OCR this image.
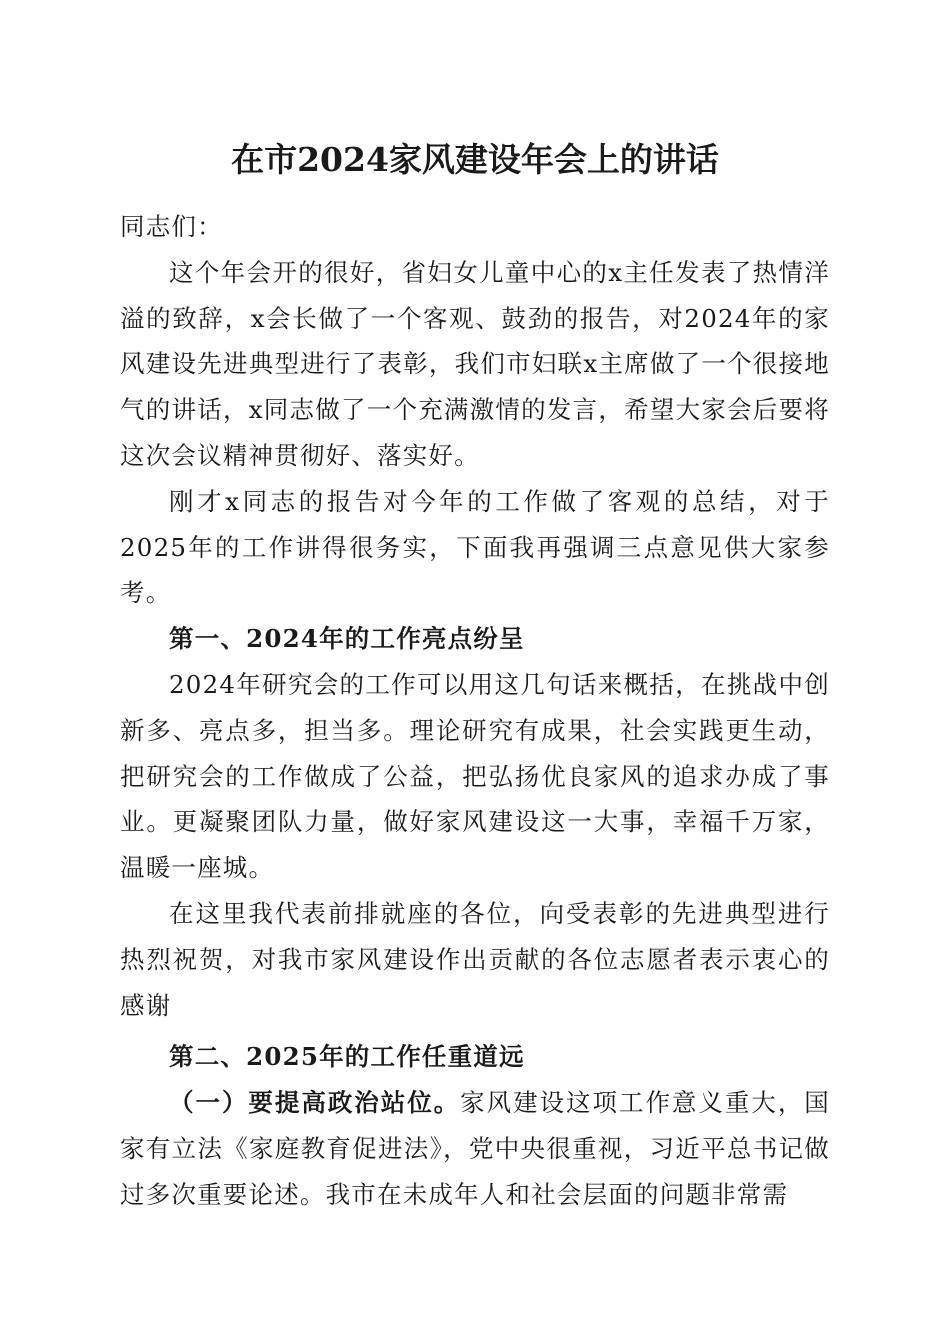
在市2024家风建设年会上的讲话

同志们：

这个年会开的很好，省妇女儿童中心的x主任发表了热情洋溢的致辞，x会长做了一个客观、鼓劲的报告，对2024年的家风建设先进典型进行了表彰，我们市妇联x主席做了一个很接地气的讲话，x同志做了一个充满激情的发言，希望大家会后要将这次会议精神贯彻好、落实好。

刚才x同志的报告对今年的工作做了客观的总结，对于2025年的工作讲得很务实，下面我再强调三点意见供大家参考。

第一、2024年的工作亮点纷呈

2024年研究会的工作可以用这几句话来概括，在挑战中创新多、亮点多，担当多。理论研究有成果，社会实践更生动，把研究会的工作做成了公益，把弘扬优良家风的追求办成了事业。更凝聚团队力量，做好家风建设这一大事，幸福千万家，温暖一座城。

在这里我代表前排就座的各位，向受表彰的先进典型进行热烈祝贺，对我市家风建设作出贡献的各位志愿者表示衷心的感谢

第二、2025年的工作任重道远

（一）要提高政治站位。家风建设这项工作意义重大，国家有立法《家庭教育促进法》，党中央很重视，习近平总书记做过多次重要论述。我市在未成年人和社会层面的问题非常需
